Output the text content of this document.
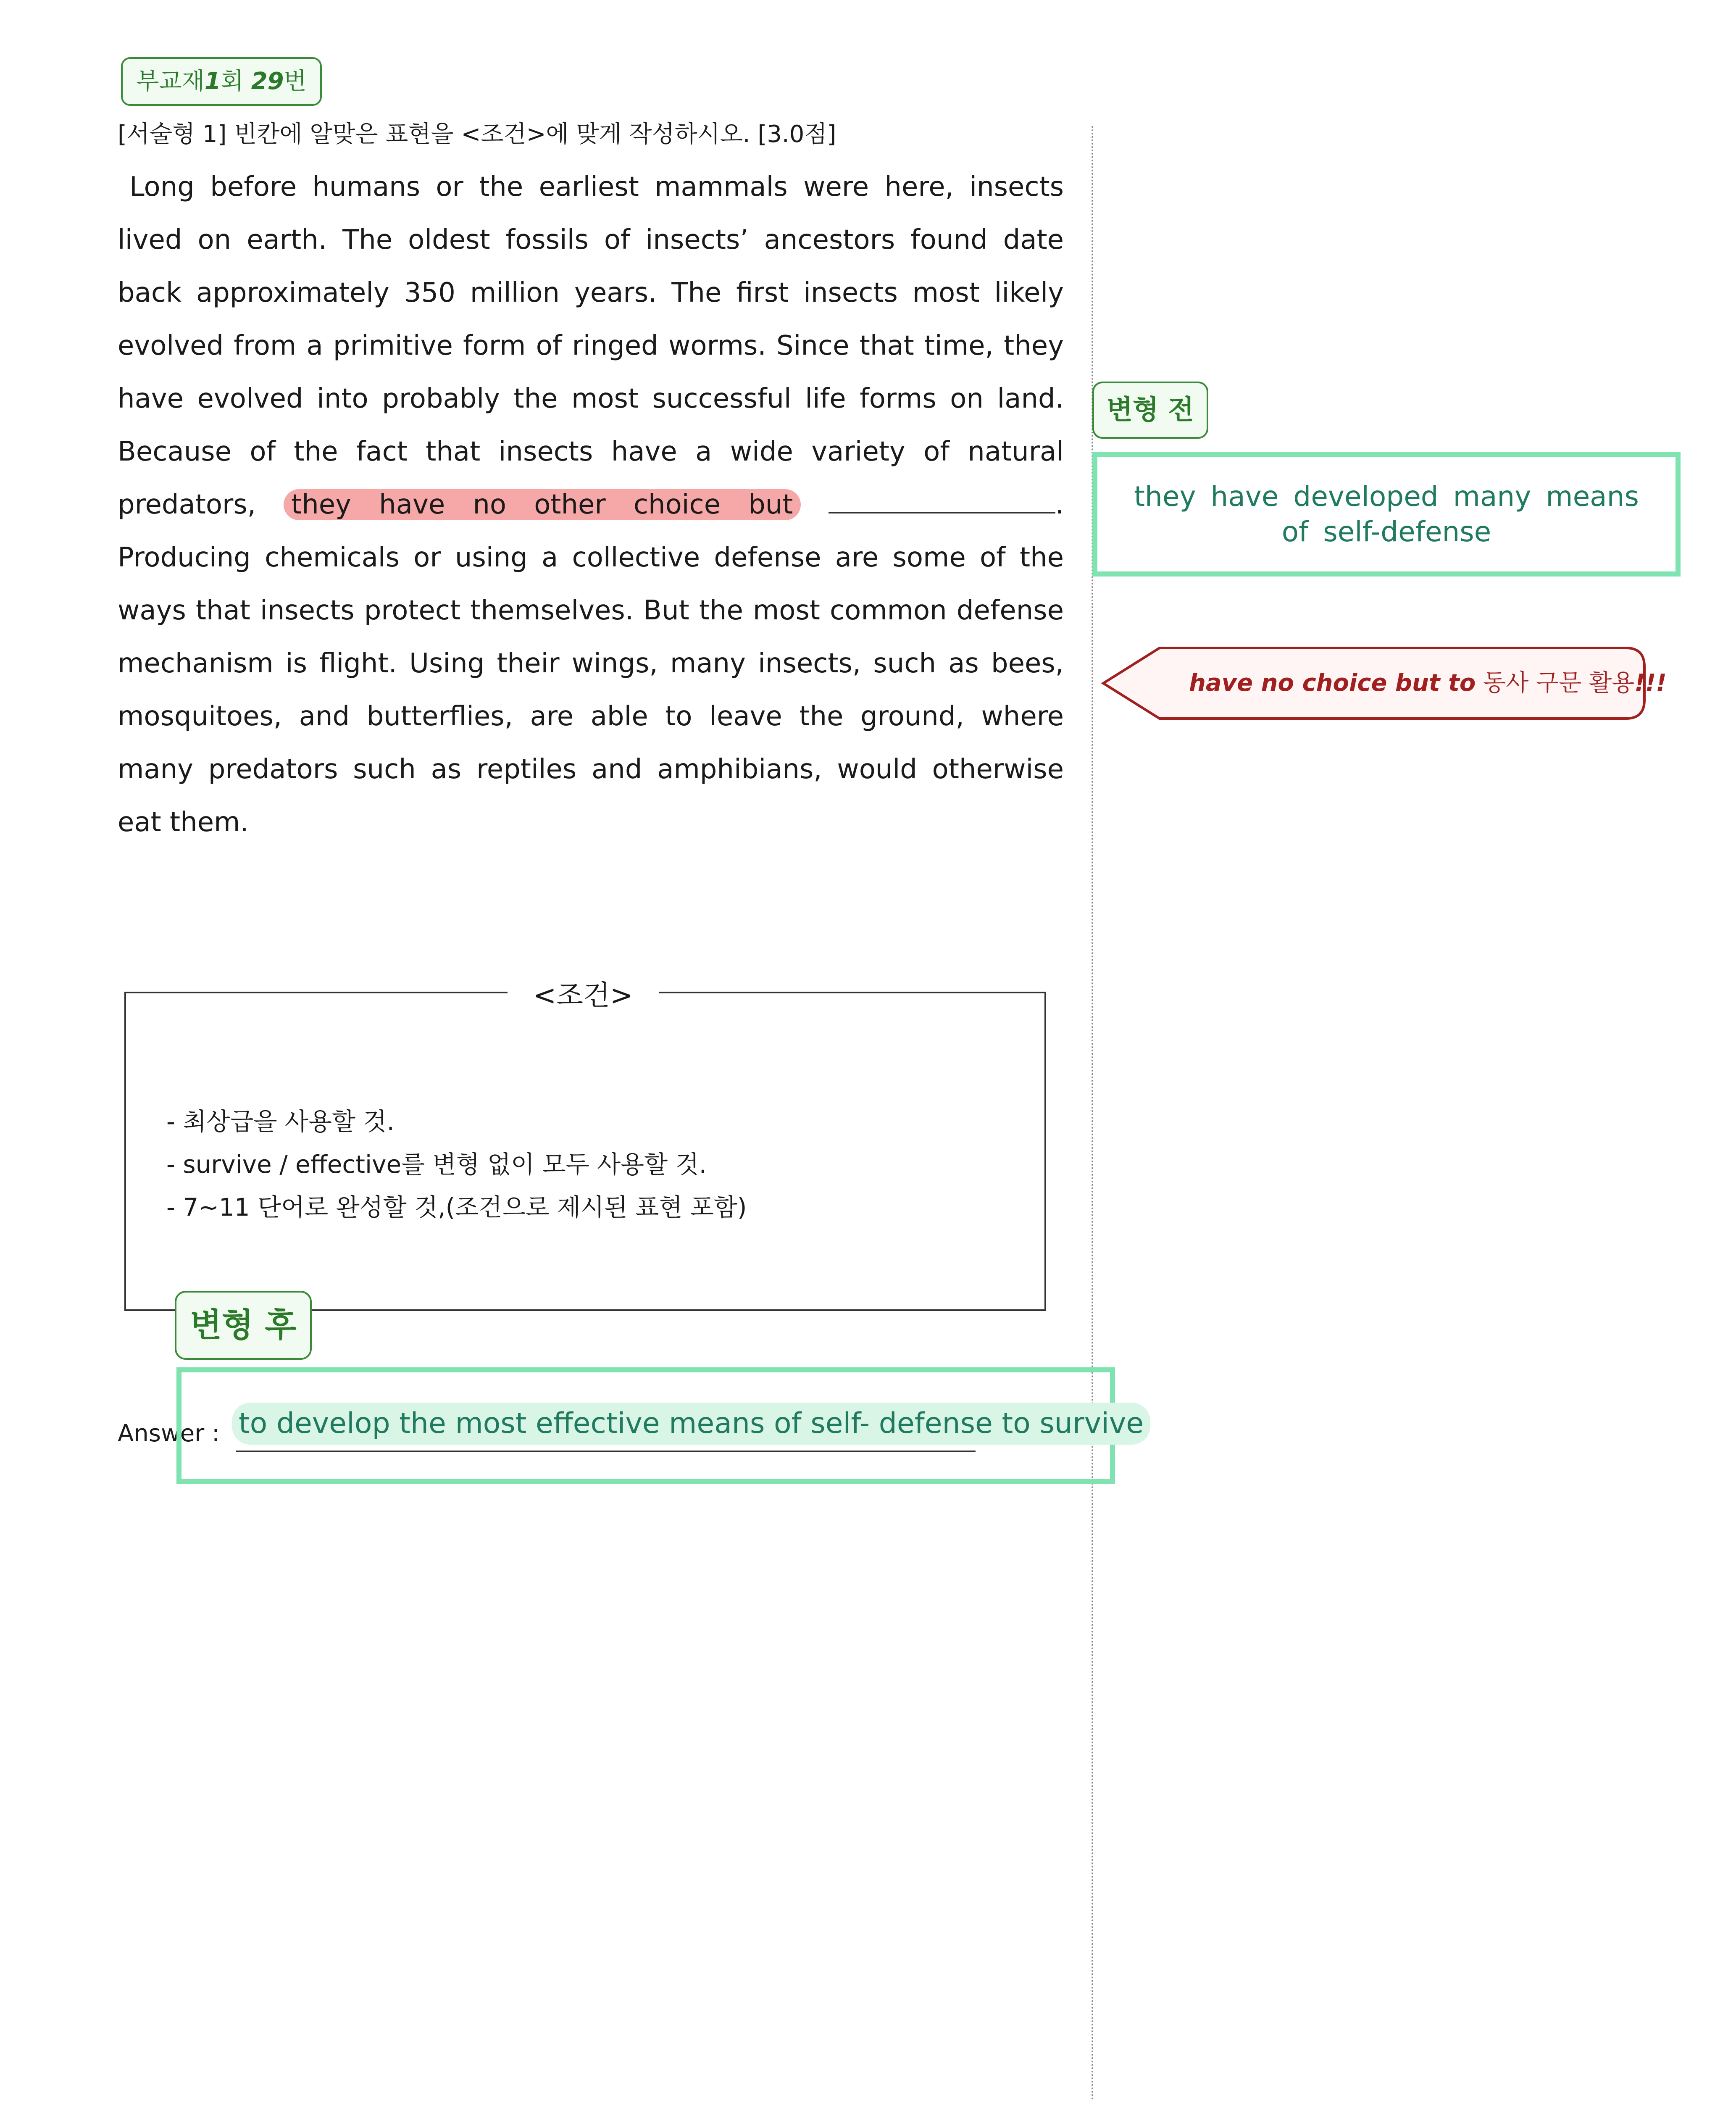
부교재1회 29번
[서술형 1] 빈칸에 알맞은 표현을 <조건>에 맞게 작성하시오. [3.0점]

Long before humans or the earliest mammals were here, insects lived on earth. The oldest fossils of insects’ ancestors found date back approximately 350 million years. The first insects most likely evolved from a primitive form of ringed worms. Since that time, they have evolved into probably the most successful life forms on land. Because of the fact that insects have a wide variety of natural predators, they have no other choice but	. Producing chemicals or using a collective defense are some of the ways that insects protect themselves. But the most common defense mechanism is flight. Using their wings, many insects, such as bees, mosquitoes, and butterflies, are able to leave the ground, where many predators such as reptiles and amphibians, would otherwise eat them.

변형 전
they have developed many means of self-defense
have no choice but to 동사 구문 활용!!!
<조건>
- 최상급을 사용할 것.
- survive / effective를 변형 없이 모두 사용할 것.
- 7~11 단어로 완성할 것,(조건으로 제시된 표현 포함)
변형 후
Answer : to develop the most effective means of self- defense to survive
